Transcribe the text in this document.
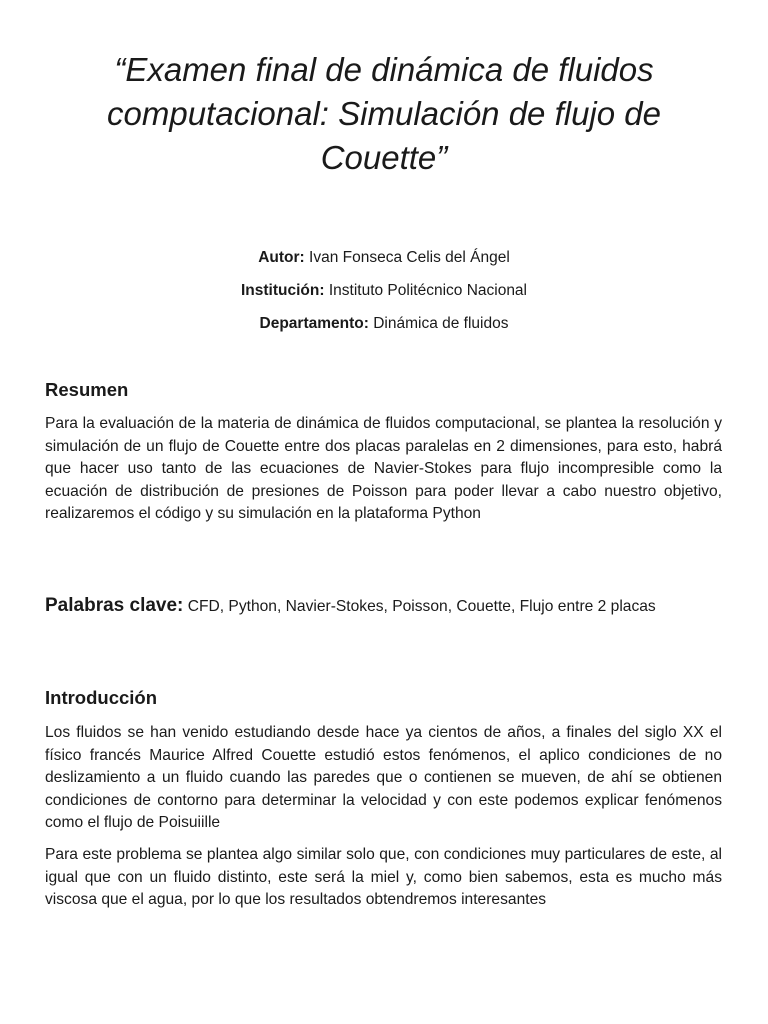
“Examen final de dinámica de fluidos computacional: Simulación de flujo de Couette”
Autor: Ivan Fonseca Celis del Ángel
Institución: Instituto Politécnico Nacional
Departamento: Dinámica de fluidos
Resumen

Para la evaluación de la materia de dinámica de fluidos computacional, se plantea la resolución y simulación de un flujo de Couette entre dos placas paralelas en 2 dimensiones, para esto, habrá que hacer uso tanto de las ecuaciones de Navier-Stokes para flujo incompresible como la ecuación de distribución de presiones de Poisson para poder llevar a cabo nuestro objetivo, realizaremos el código y su simulación en la plataforma Python

Palabras clave: CFD, Python, Navier-Stokes, Poisson, Couette, Flujo entre 2 placas

Introducción

Los fluidos se han venido estudiando desde hace ya cientos de años, a finales del siglo XX el físico francés Maurice Alfred Couette estudió estos fenómenos, el aplico condiciones de no deslizamiento a un fluido cuando las paredes que o contienen se mueven, de ahí se obtienen condiciones de contorno para determinar la velocidad y con este podemos explicar fenómenos como el flujo de Poisuiille

Para este problema se plantea algo similar solo que, con condiciones muy particulares de este, al igual que con un fluido distinto, este será la miel y, como bien sabemos, esta es mucho más viscosa que el agua, por lo que los resultados obtendremos interesantes
